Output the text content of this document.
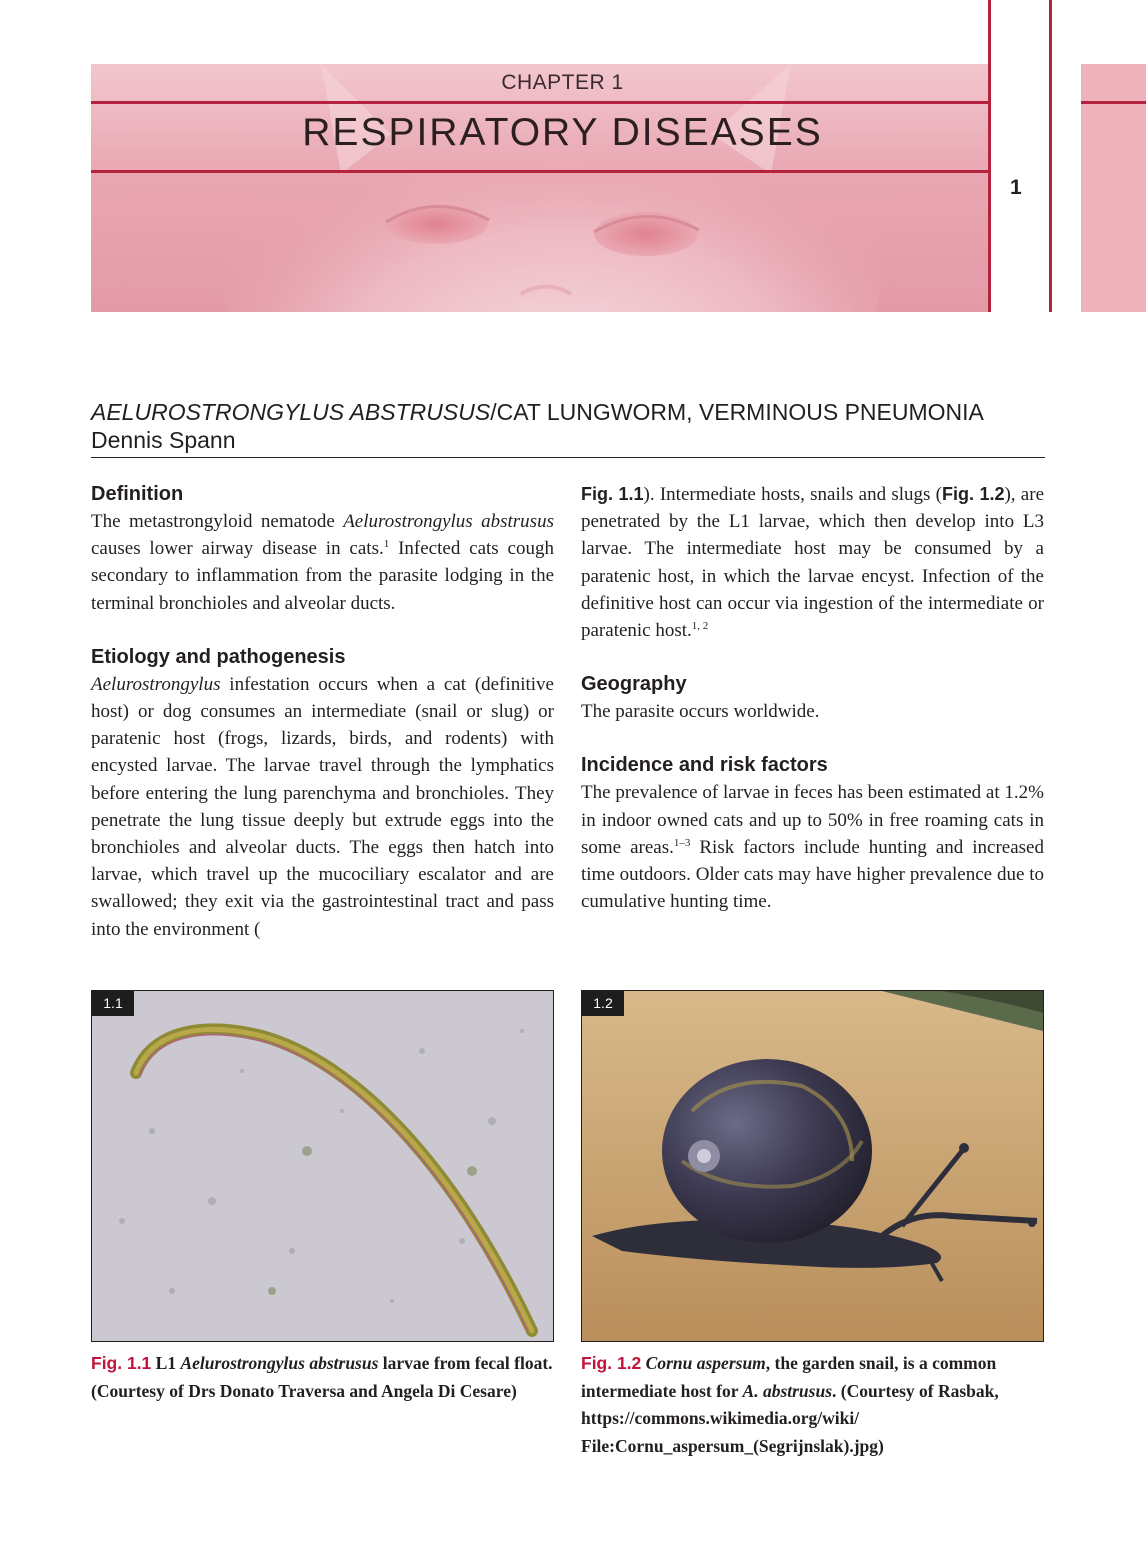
CHAPTER 1
RESPIRATORY DISEASES
1
AELUROSTRONGYLUS ABSTRUSUS/CAT LUNGWORM, VERMINOUS PNEUMONIA
Dennis Spann
Definition

The metastrongyloid nematode Aelurostrongylus abstrusus causes lower airway disease in cats.$^1$ Infected cats cough secondary to inflammation from the parasite lodging in the terminal bronchioles and alveolar ducts.

Etiology and pathogenesis

Aelurostrongylus infestation occurs when a cat (definitive host) or dog consumes an intermediate (snail or slug) or paratenic host (frogs, lizards, birds, and rodents) with encysted larvae. The larvae travel through the lymphatics before entering the lung parenchyma and bronchioles. They penetrate the lung tissue deeply but extrude eggs into the bronchioles and alveolar ducts. The eggs then hatch into larvae, which travel up the mucociliary escalator and are swallowed; they exit via the gastrointestinal tract and pass into the environment (

Fig. 1.1). Intermediate hosts, snails and slugs (Fig. 1.2), are penetrated by the L1 larvae, which then develop into L3 larvae. The intermediate host may be consumed by a paratenic host, in which the larvae encyst. Infection of the definitive host can occur via ingestion of the intermediate or paratenic host.$^{1, 2}$

Geography

The parasite occurs worldwide.

Incidence and risk factors

The prevalence of larvae in feces has been estimated at 1.2% in indoor owned cats and up to 50% in free roaming cats in some areas.$^{1-3}$ Risk factors include hunting and increased time outdoors. Older cats may have higher prevalence due to cumulative hunting time.

1.1	1.2
Fig. 1.1 L1 Aelurostrongylus abstrusus larvae from fecal float. (Courtesy of Drs Donato Traversa and Angela Di Cesare)
Fig. 1.2 Cornu aspersum, the garden snail, is a common intermediate host for A. abstrusus. (Courtesy of Rasbak, https://commons.wikimedia.org/wiki/ File:Cornu_aspersum_(Segrijnslak).jpg)
